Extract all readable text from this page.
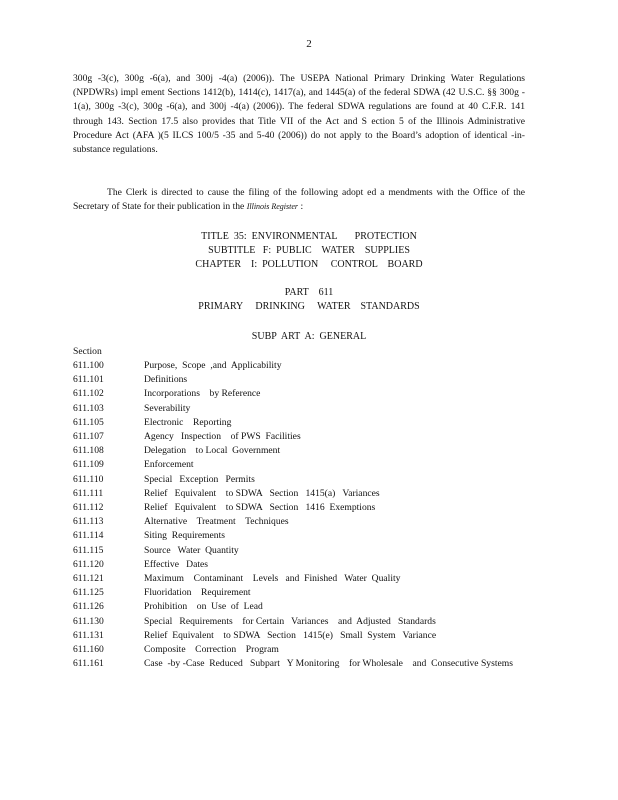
2

300g -3(c), 300g -6(a), and 300j -4(a) (2006)). The USEPA National Primary Drinking Water Regulations (NPDWRs) impl ement Sections 1412(b), 1414(c), 1417(a), and 1445(a) of the federal SDWA (42 U.S.C. §§ 300g - 1(a), 300g -3(c), 300g -6(a), and 300j -4(a) (2006)). The federal SDWA regulations are found at 40 C.F.R. 141 through 143. Section 17.5 also provides that Title VII of the Act and S ection 5 of the Illinois Administrative Procedure Act (AFA )(5 ILCS 100/5 -35 and 5-40 (2006)) do not apply to the Board’s adoption of identical -in-substance regulations.

The Clerk is directed to cause the filing of the following adopt ed a mendments with the Office of the Secretary of State for their publication in the Illinois Register :

TITLE  35:  ENVIRONMENTAL       PROTECTION
SUBTITLE   F:  PUBLIC    WATER    SUPPLIES
CHAPTER    I:  POLLUTION     CONTROL    BOARD
PART    611
PRIMARY     DRINKING     WATER    STANDARDS
SUBP  ART  A:  GENERAL
Section
611.100	Purpose,  Scope  ,and  Applicability
611.101	Definitions
611.102	Incorporations    by Reference
611.103	Severability
611.105	Electronic    Reporting
611.107	Agency   Inspection    of PWS  Facilities
611.108	Delegation    to Local  Government
611.109	Enforcement
611.110	Special   Exception   Permits
611.111	Relief   Equivalent    to SDWA   Section   1415(a)   Variances
611.112	Relief   Equivalent    to SDWA   Section   1416  Exemptions
611.113	Alternative    Treatment    Techniques
611.114	Siting  Requirements
611.115	Source   Water  Quantity
611.120	Effective   Dates
611.121	Maximum    Contaminant    Levels   and  Finished   Water  Quality
611.125	Fluoridation    Requirement
611.126	Prohibition    on  Use  of  Lead
611.130	Special   Requirements    for Certain   Variances    and  Adjusted   Standards
611.131	Relief  Equivalent    to SDWA   Section   1415(e)   Small  System   Variance
611.160	Composite    Correction    Program
611.161	Case  -by -Case  Reduced   Subpart   Y Monitoring    for Wholesale    and  Consecutive Systems
